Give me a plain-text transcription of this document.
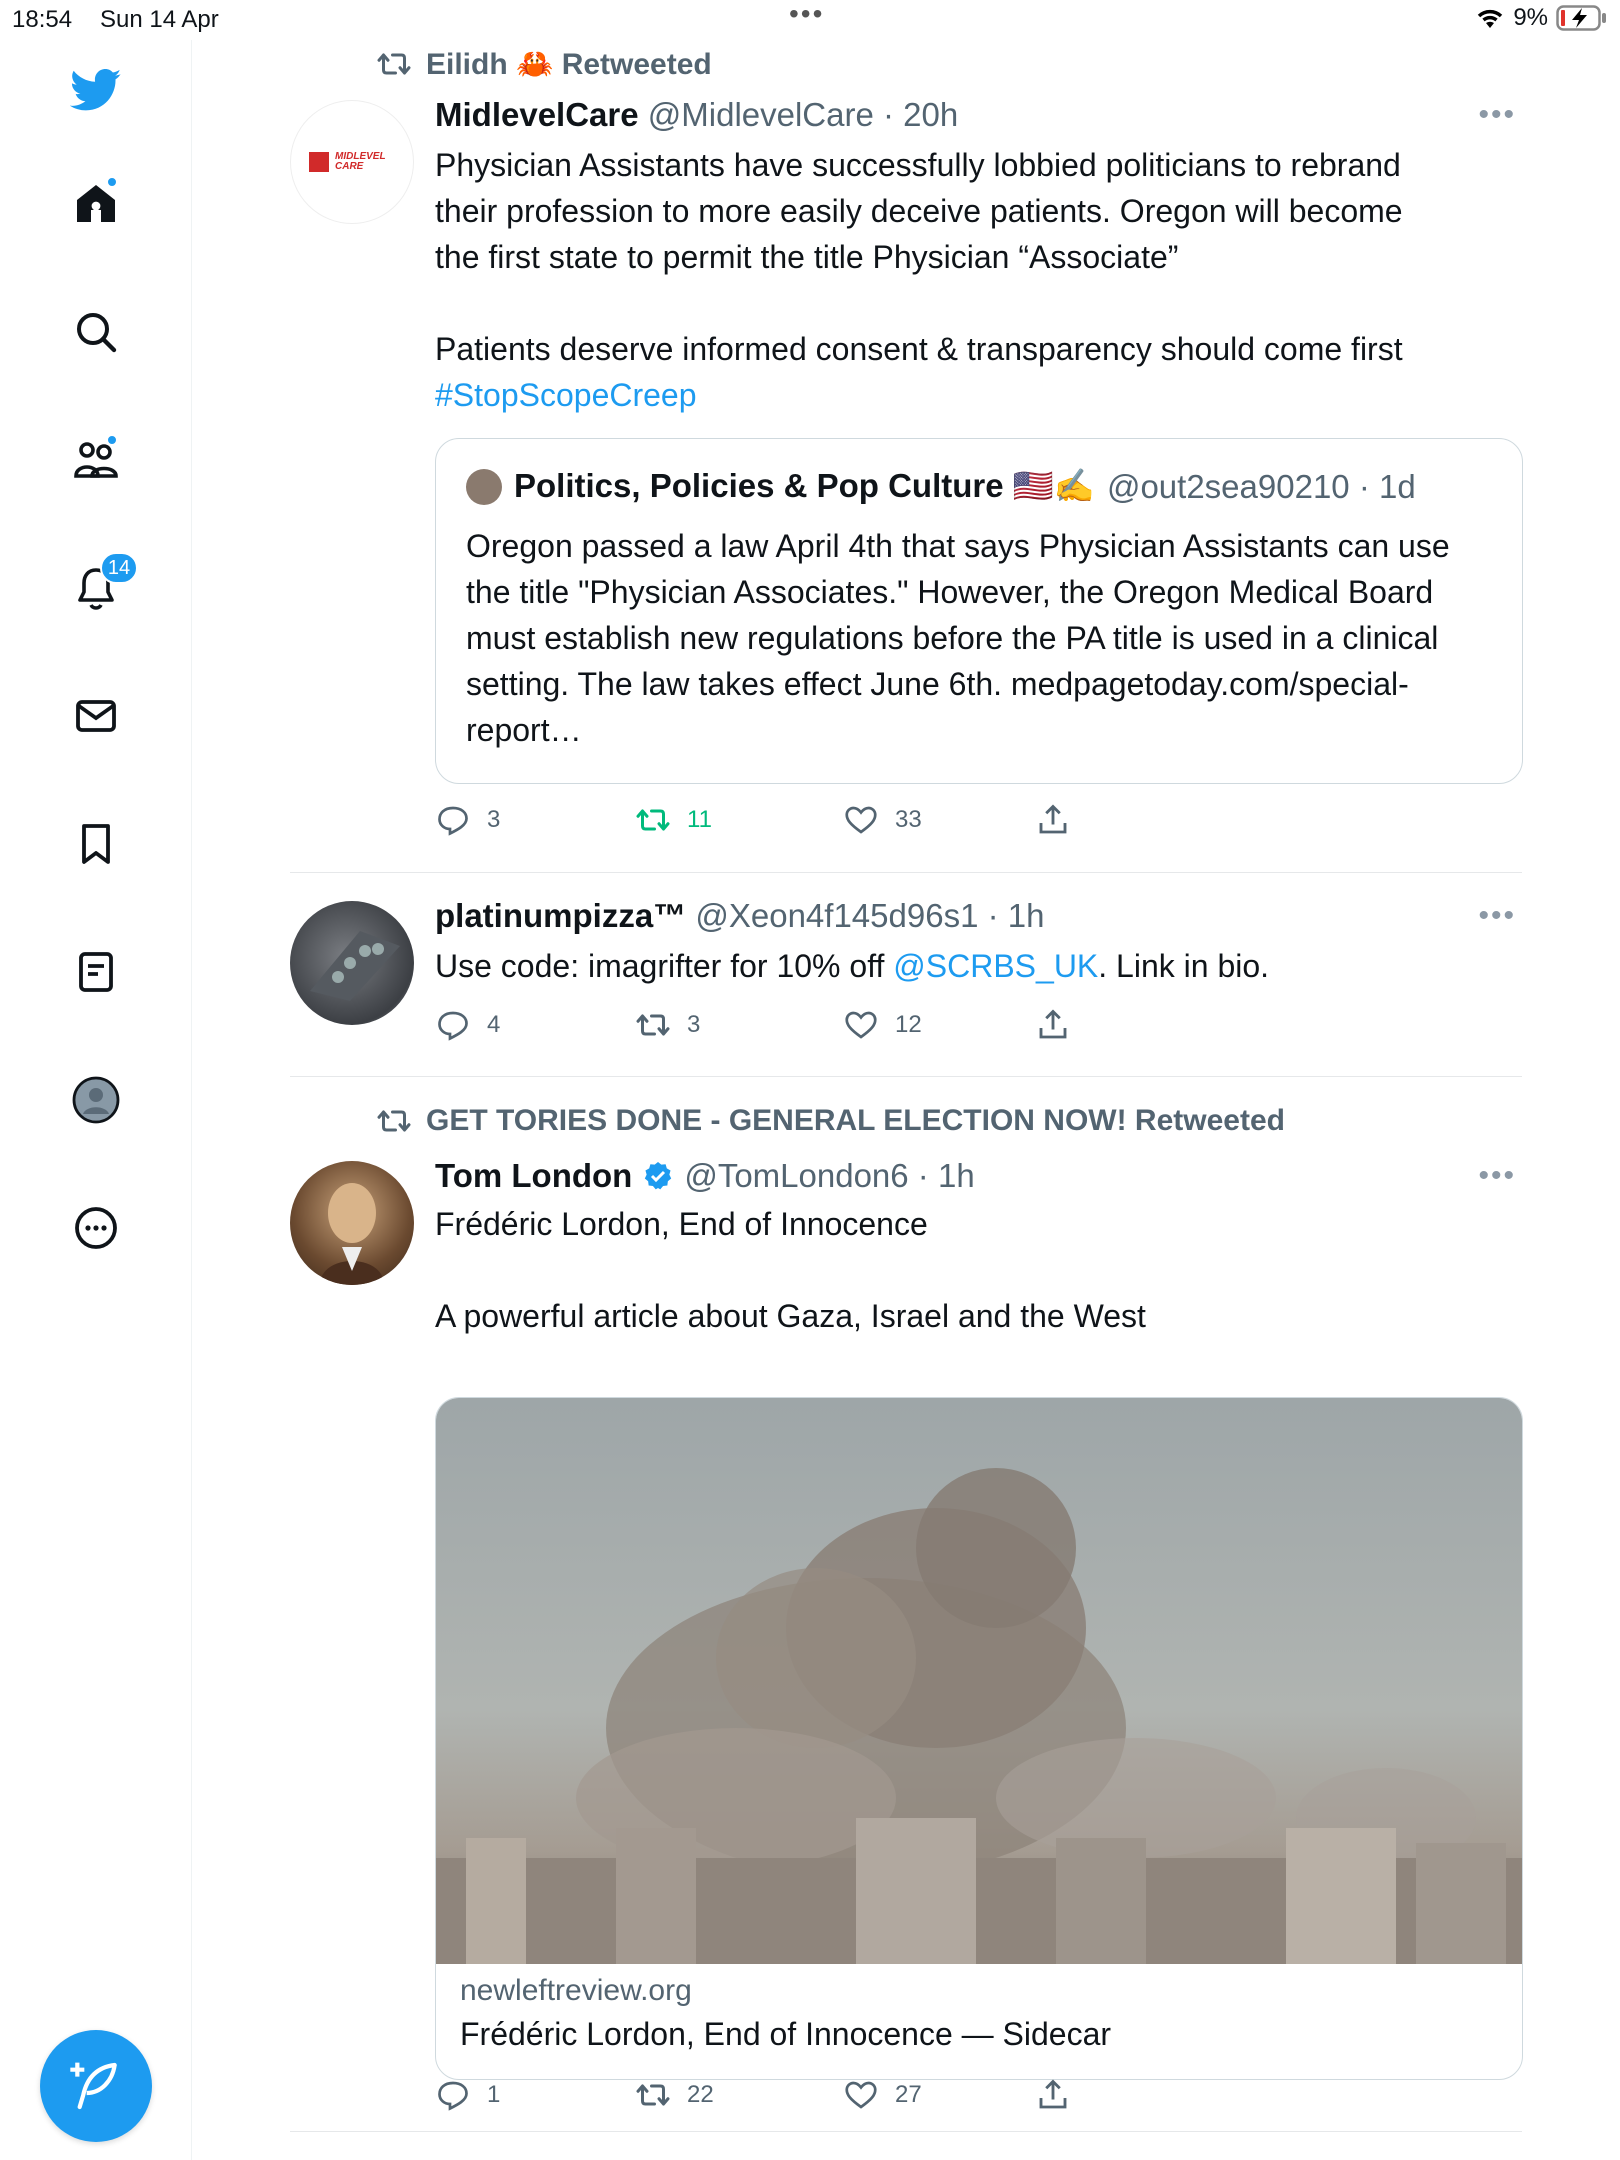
18:54 Sun 14 Apr	•••	9%
14
Eilidh 🦀 Retweeted
MIDLEVEL CARE
MidlevelCare @MidlevelCare · 20h	•••
Physician Assistants have successfully lobbied politicians to rebrand
their profession to more easily deceive patients. Oregon will become
the first state to permit the title Physician “Associate”
Patients deserve informed consent & transparency should come first
#StopScopeCreep
Politics, Policies & Pop Culture 🇺🇸✍️ @out2sea90210 · 1d
Oregon passed a law April 4th that says Physician Assistants can use the title "Physician Associates." However, the Oregon Medical Board must establish new regulations before the PA title is used in a clinical setting. The law takes effect June 6th. medpagetoday.com/special-report…
3	11	33
platinumpizza™ @Xeon4f145d96s1 · 1h	•••
Use code: imagrifter for 10% off @SCRBS_UK. Link in bio.
4	3	12
GET TORIES DONE - GENERAL ELECTION NOW! Retweeted
Tom London @TomLondon6 · 1h	•••
Frédéric Lordon, End of Innocence
A powerful article about Gaza, Israel and the West
newleftreview.org
Frédéric Lordon, End of Innocence — Sidecar
1	22	27
